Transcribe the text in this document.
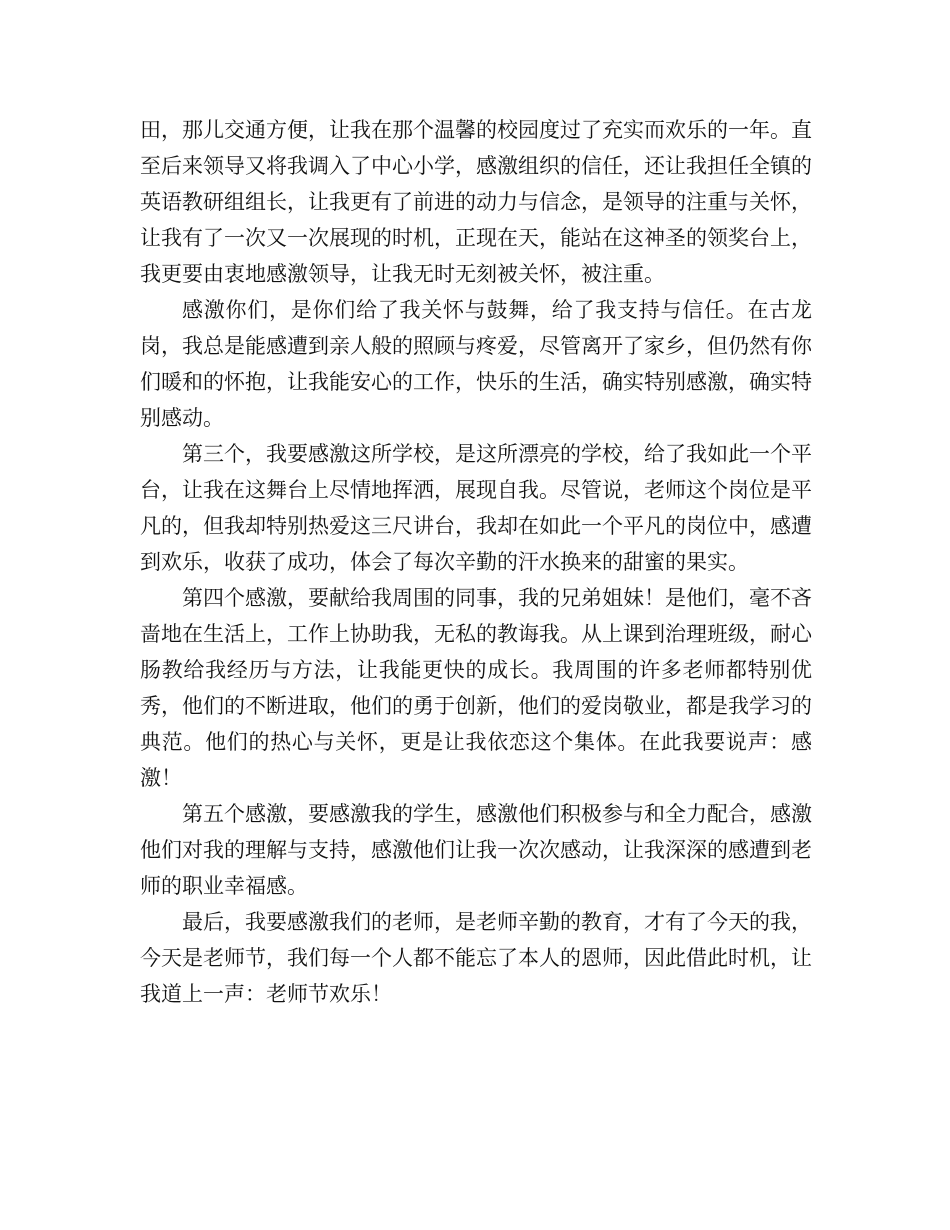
田，那儿交通方便，让我在那个温馨的校园度过了充实而欢乐的一年。直至后来领导又将我调入了中心小学，感激组织的信任，还让我担任全镇的英语教研组组长，让我更有了前进的动力与信念，是领导的注重与关怀，让我有了一次又一次展现的时机，正现在天，能站在这神圣的领奖台上，我更要由衷地感激领导，让我无时无刻被关怀，被注重。

感激你们，是你们给了我关怀与鼓舞，给了我支持与信任。在古龙岗，我总是能感遭到亲人般的照顾与疼爱，尽管离开了家乡，但仍然有你们暖和的怀抱，让我能安心的工作，快乐的生活，确实特别感激，确实特别感动。

第三个，我要感激这所学校，是这所漂亮的学校，给了我如此一个平台，让我在这舞台上尽情地挥洒，展现自我。尽管说，老师这个岗位是平凡的，但我却特别热爱这三尺讲台，我却在如此一个平凡的岗位中，感遭到欢乐，收获了成功，体会了每次辛勤的汗水换来的甜蜜的果实。

第四个感激，要献给我周围的同事，我的兄弟姐妹！是他们，毫不吝啬地在生活上，工作上协助我，无私的教诲我。从上课到治理班级，耐心肠教给我经历与方法，让我能更快的成长。我周围的许多老师都特别优秀，他们的不断进取，他们的勇于创新，他们的爱岗敬业，都是我学习的典范。他们的热心与关怀，更是让我依恋这个集体。在此我要说声：感激！

第五个感激，要感激我的学生，感激他们积极参与和全力配合，感激他们对我的理解与支持，感激他们让我一次次感动，让我深深的感遭到老师的职业幸福感。

最后，我要感激我们的老师，是老师辛勤的教育，才有了今天的我，今天是老师节，我们每一个人都不能忘了本人的恩师，因此借此时机，让我道上一声：老师节欢乐！
